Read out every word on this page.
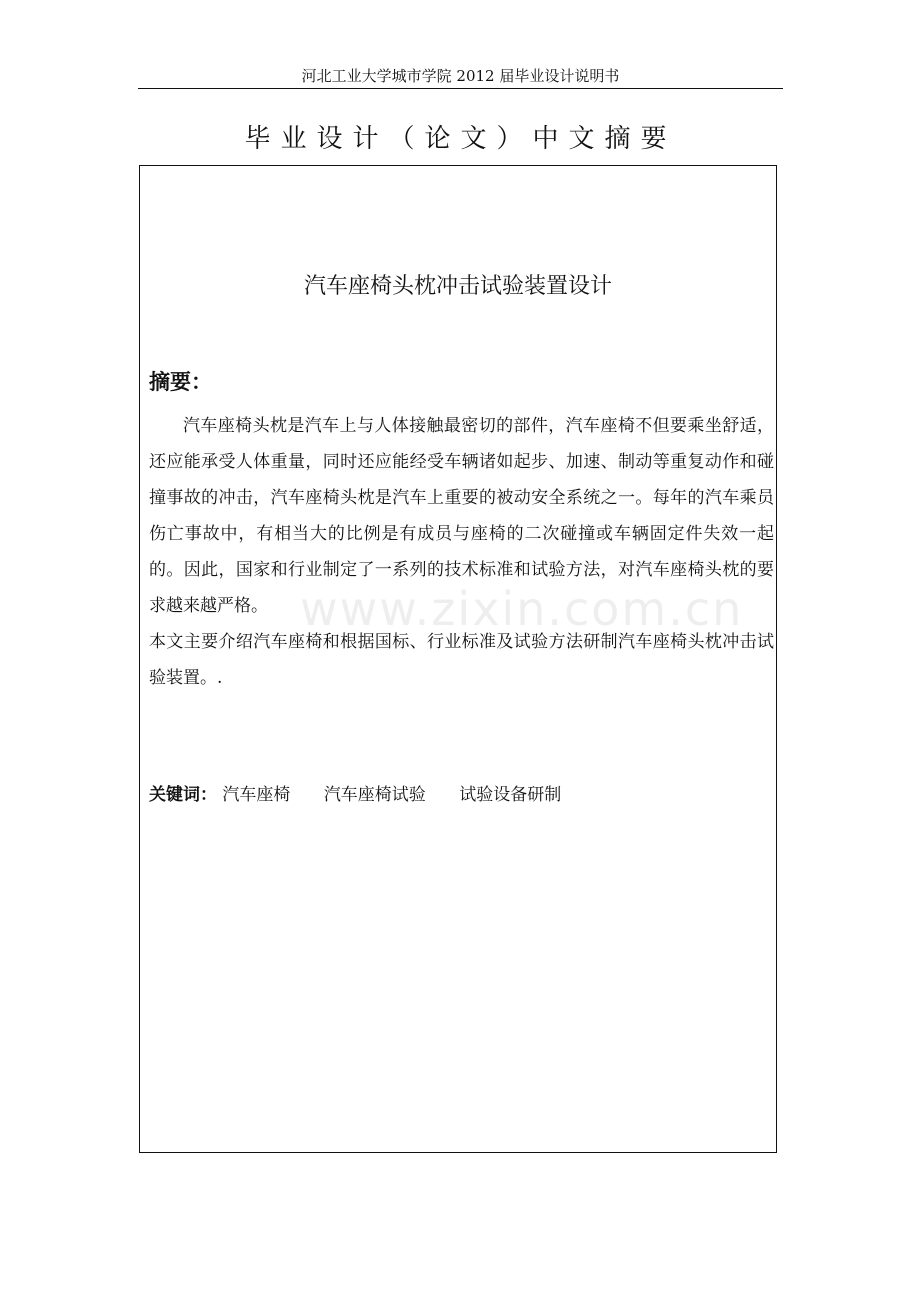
河北工业大学城市学院 2012 届毕业设计说明书
毕业设计（论文）中文摘要
汽车座椅头枕冲击试验装置设计
摘要：

汽车座椅头枕是汽车上与人体接触最密切的部件，汽车座椅不但要乘坐舒适，还应能承受人体重量，同时还应能经受车辆诸如起步、加速、制动等重复动作和碰撞事故的冲击，汽车座椅头枕是汽车上重要的被动安全系统之一。每年的汽车乘员伤亡事故中，有相当大的比例是有成员与座椅的二次碰撞或车辆固定件失效一起的。因此，国家和行业制定了一系列的技术标准和试验方法，对汽车座椅头枕的要求越来越严格。

本文主要介绍汽车座椅和根据国标、行业标准及试验方法研制汽车座椅头枕冲击试验装置。.

关键词： 汽车座椅 汽车座椅试验 试验设备研制
www.zixin.com.cn
